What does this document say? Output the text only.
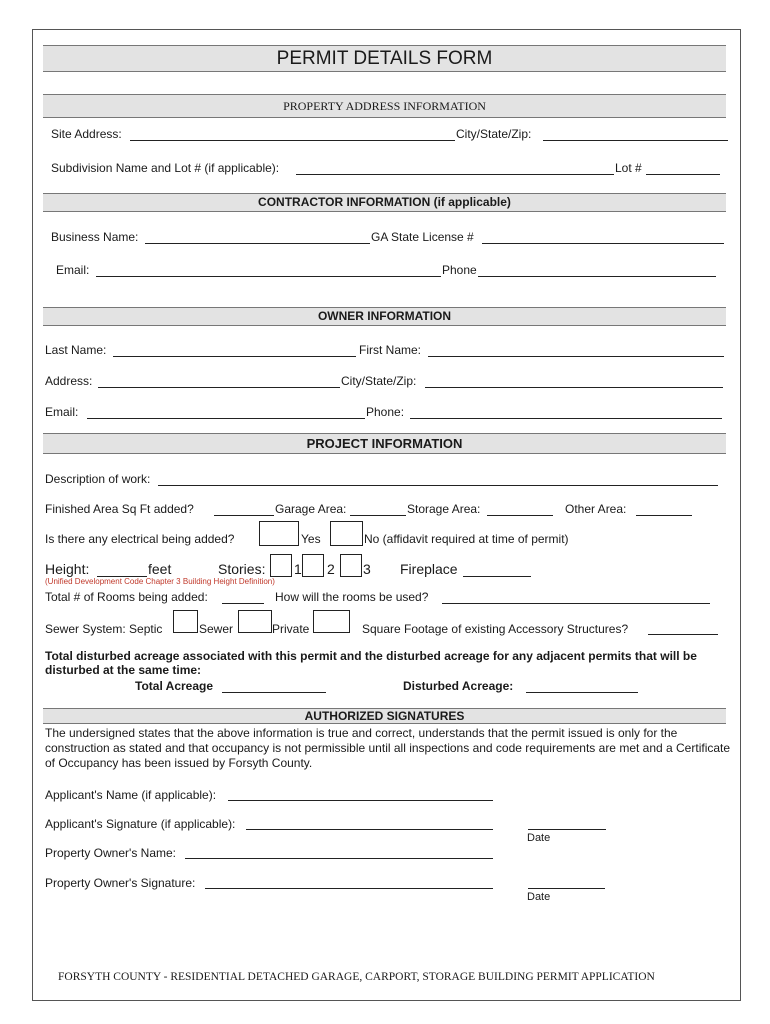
PERMIT DETAILS FORM
PROPERTY ADDRESS INFORMATION
Site Address:	City/State/Zip:
Subdivision Name and Lot # (if applicable):	Lot #
CONTRACTOR INFORMATION (if applicable)
Business Name:	GA State License #
Email:	Phone
OWNER INFORMATION
Last Name:	First Name:
Address:	City/State/Zip:
Email:	Phone:
PROJECT INFORMATION
Description of work:
Finished Area Sq Ft added?	Garage Area:	Storage Area:	Other Area:
Is there any electrical being added?	Yes	No (affidavit required at time of permit)
Height:	feet	Stories: 1 2 3 Fireplace
(Unified Development Code Chapter 3 Building Height Definition)
Total # of Rooms being added:	How will the rooms be used?
Sewer System: Septic	Sewer	Private	Square Footage of existing Accessory Structures?
Total disturbed acreage associated with this permit and the disturbed acreage for any adjacent permits that will be disturbed at the same time:
Total Acreage	Disturbed Acreage:
AUTHORIZED SIGNATURES
The undersigned states that the above information is true and correct, understands that the permit issued is only for the construction as stated and that occupancy is not permissible until all inspections and code requirements are met and a Certificate of Occupancy has been issued by Forsyth County.
Applicant's Name (if applicable):
Applicant's Signature (if applicable):
Date
Property Owner's Name:
Property Owner's Signature:
Date
FORSYTH COUNTY - RESIDENTIAL DETACHED GARAGE, CARPORT, STORAGE BUILDING PERMIT APPLICATION
